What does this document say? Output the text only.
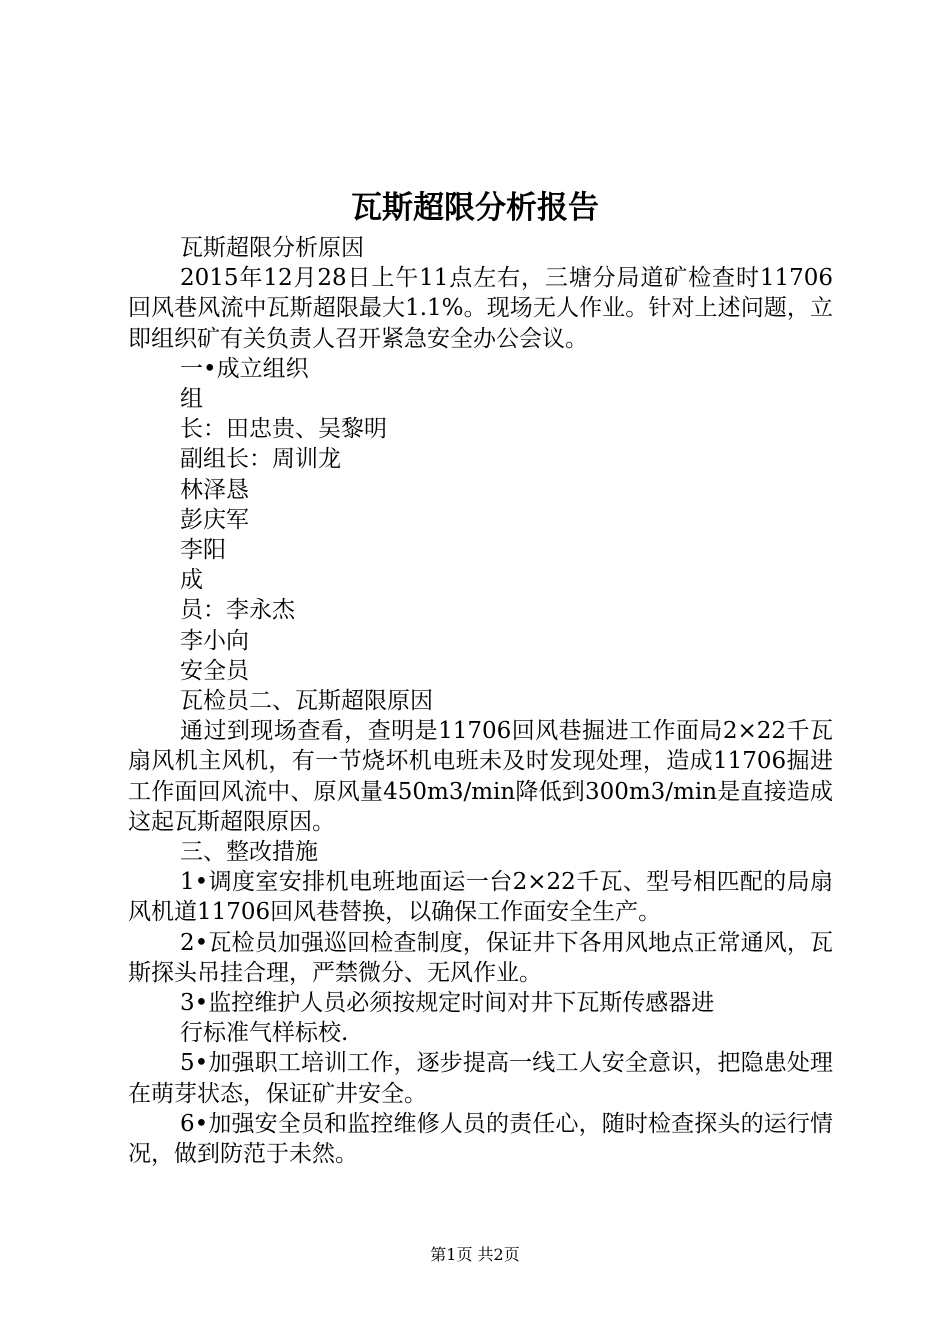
瓦斯超限分析报告

瓦斯超限分析原因

2015年12月28日上午11点左右，三塘分局道矿检查时11706回风巷风流中瓦斯超限最大1.1%。现场无人作业。针对上述问题，立即组织矿有关负责人召开紧急安全办公会议。

一•成立组织

组

长：田忠贵、吴黎明

副组长：周训龙

林泽恳

彭庆军

李阳

成

员：李永杰

李小向

安全员

瓦检员二、瓦斯超限原因

通过到现场查看，查明是11706回风巷掘进工作面局2×22千瓦扇风机主风机，有一节烧坏机电班未及时发现处理，造成11706掘进工作面回风流中、原风量450m3/min降低到300m3/min是直接造成这起瓦斯超限原因。

三、整改措施

1•调度室安排机电班地面运一台2×22千瓦、型号相匹配的局扇风机道11706回风巷替换，以确保工作面安全生产。

2•瓦检员加强巡回检查制度，保证井下各用风地点正常通风，瓦斯探头吊挂合理，严禁微分、无风作业。

3•监控维护人员必须按规定时间对井下瓦斯传感器进

行标准气样标校.

5•加强职工培训工作，逐步提高一线工人安全意识，把隐患处理在萌芽状态，保证矿井安全。

6•加强安全员和监控维修人员的责任心，随时检查探头的运行情况，做到防范于未然。

第1页 共2页
